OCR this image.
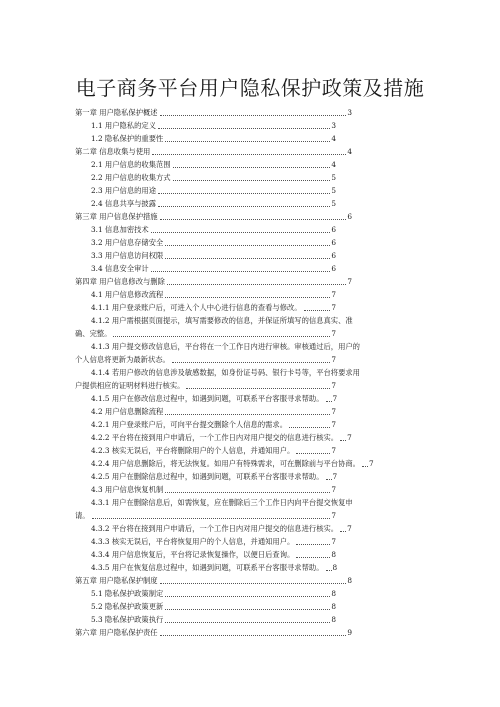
电子商务平台用户隐私保护政策及措施
第一章 用户隐私保护概述	3
1.1 用户隐私的定义	3
1.2 隐私保护的重要性	4
第二章 信息收集与使用	4
2.1 用户信息的收集范围	4
2.2 用户信息的收集方式	5
2.3 用户信息的用途	5
2.4 信息共享与披露	5
第三章 用户信息保护措施	6
3.1 信息加密技术	6
3.2 用户信息存储安全	6
3.3 用户信息访问权限	6
3.4 信息安全审计	6
第四章 用户信息修改与删除	7
4.1 用户信息修改流程	7
4.1.1 用户登录账户后，可进入个人中心进行信息的查看与修改。	7
4.1.2 用户需根据页面提示，填写需要修改的信息，并保证所填写的信息真实、准
确、完整。	7
4.1.3 用户提交修改信息后，平台将在一个工作日内进行审核。审核通过后，用户的
个人信息将更新为最新状态。	7
4.1.4 若用户修改的信息涉及敏感数据，如身份证号码、银行卡号等，平台将要求用
户提供相应的证明材料进行核实。	7
4.1.5 用户在修改信息过程中，如遇到问题，可联系平台客服寻求帮助。 7
4.2 用户信息删除流程	7
4.2.1 用户登录账户后，可向平台提交删除个人信息的需求。	7
4.2.2 平台将在接到用户申请后，一个工作日内对用户提交的信息进行核实。 7
4.2.3 核实无误后，平台将删除用户的个人信息，并通知用户。	7
4.2.4 用户信息删除后，将无法恢复。如用户有特殊需求，可在删除前与平台协商。 7
4.2.5 用户在删除信息过程中，如遇到问题，可联系平台客服寻求帮助。 7
4.3 用户信息恢复机制	7
4.3.1 用户在删除信息后，如需恢复，应在删除后三个工作日内向平台提交恢复申
请。	7
4.3.2 平台将在接到用户申请后，一个工作日内对用户提交的信息进行核实。 7
4.3.3 核实无误后，平台将恢复用户的个人信息，并通知用户。	7
4.3.4 用户信息恢复后，平台将记录恢复操作，以便日后查询。	8
4.3.5 用户在恢复信息过程中，如遇到问题，可联系平台客服寻求帮助。 8
第五章 用户隐私保护制度	8
5.1 隐私保护政策制定	8
5.2 隐私保护政策更新	8
5.3 隐私保护政策执行	8
第六章 用户隐私保护责任	9
